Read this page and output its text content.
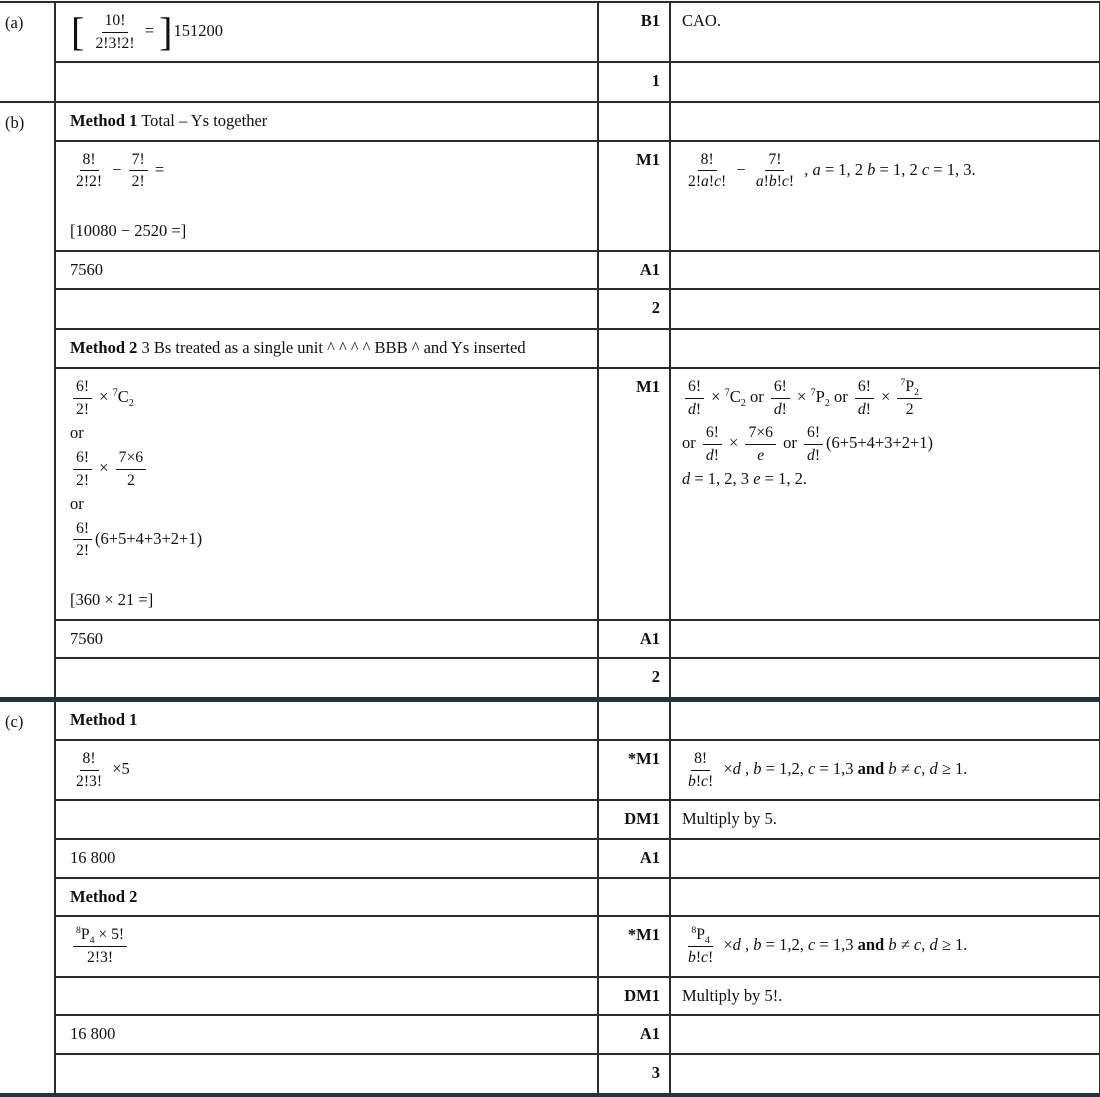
(a)	[ $\frac{10!}{2!3!2!} = ]151200$	B1	CAO.
		1	
(b)	Method 1 Total – Ys together		

$\frac{8!}{2!2!} - \frac{7!}{2!}$ =

[10080 − 2520 =]	M1	$\frac{8!}{2!a!c!} - \frac{7!}{a!b!c!}$ , a = 1, 2 b = 1, 2 c = 1, 3.
	7560	A1	
		2	
	Method 2 3 Bs treated as a single unit ^ ^ ^ ^ BBB ^ and Ys inserted		

$\frac{6!}{2!} \times ^7C_2$
or

$\frac{6!}{2!} \times \frac{7\times 6}{2}$

or

$\frac{6!}{2!} (6+5+4+3+2+1)$

[360 × 21 =]	M1	$\frac{6!}{d!} \times ^7C_2$ or $\frac{6!}{d!} \times ^7P_2$ or $\frac{6!}{d!} \times \frac{^7P_2}{2}$

or $\frac{6!}{d!} \times \frac{7\times 6}{e}$ or $\frac{6!}{d!} (6+5+4+3+2+1)$
d = 1, 2, 3 e = 1, 2.
	7560	A1	
		2	
(c)	Method 1		

	$\frac{8!}{2!3!} \times 5$	*M1	$\frac{8!}{b!c!} \times d$ , b = 1,2, c = 1,3 and b ≠ c, d ≥ 1.
		DM1	Multiply by 5.
	16 800	A1	
	Method 2		

	$\frac{^8P_4 \times 5!}{2!3!}$	*M1	$\frac{^8P_4}{b!c!} \times d$ , b = 1,2, c = 1,3 and b ≠ c, d ≥ 1.
		DM1	Multiply by 5!.
	16 800	A1	
		3	
